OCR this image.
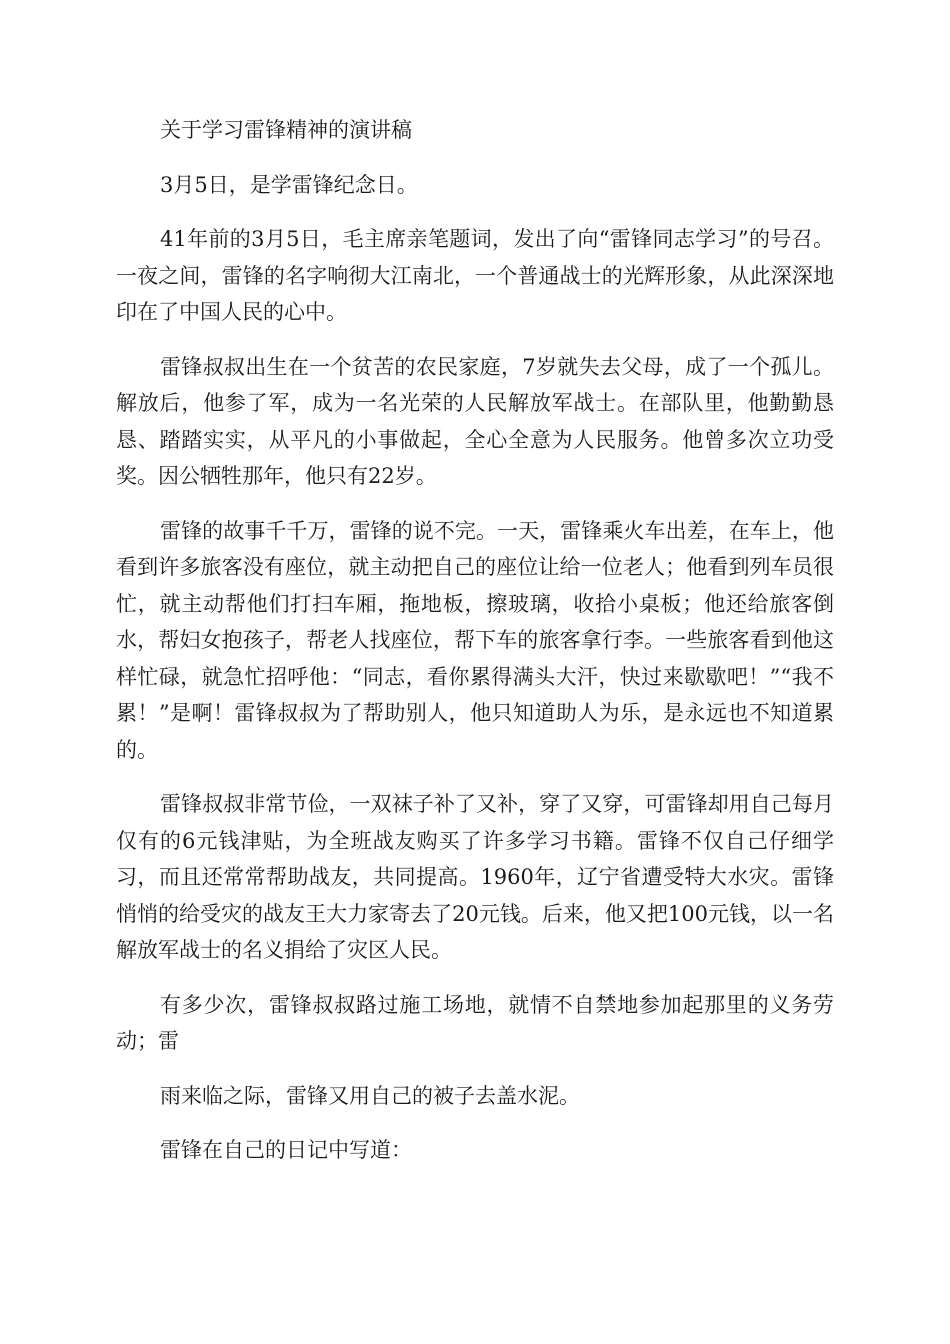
关于学习雷锋精神的演讲稿

3月5日，是学雷锋纪念日。

41年前的3月5日，毛主席亲笔题词，发出了向“雷锋同志学习”的号召。一夜之间，雷锋的名字响彻大江南北，一个普通战士的光辉形象，从此深深地印在了中国人民的心中。

雷锋叔叔出生在一个贫苦的农民家庭，7岁就失去父母，成了一个孤儿。解放后，他参了军，成为一名光荣的人民解放军战士。在部队里，他勤勤恳恳、踏踏实实，从平凡的小事做起，全心全意为人民服务。他曾多次立功受奖。因公牺牲那年，他只有22岁。

雷锋的故事千千万，雷锋的说不完。一天，雷锋乘火车出差，在车上，他看到许多旅客没有座位，就主动把自己的座位让给一位老人；他看到列车员很忙，就主动帮他们打扫车厢，拖地板，擦玻璃，收拾小桌板；他还给旅客倒水，帮妇女抱孩子，帮老人找座位，帮下车的旅客拿行李。一些旅客看到他这样忙碌，就急忙招呼他：“同志，看你累得满头大汗，快过来歇歇吧！”“我不累！”是啊！雷锋叔叔为了帮助别人，他只知道助人为乐，是永远也不知道累的。

雷锋叔叔非常节俭，一双袜子补了又补，穿了又穿，可雷锋却用自己每月仅有的6元钱津贴，为全班战友购买了许多学习书籍。雷锋不仅自己仔细学习，而且还常常帮助战友，共同提高。1960年，辽宁省遭受特大水灾。雷锋悄悄的给受灾的战友王大力家寄去了20元钱。后来，他又把100元钱，以一名解放军战士的名义捐给了灾区人民。

有多少次，雷锋叔叔路过施工场地，就情不自禁地参加起那里的义务劳动；雷

雨来临之际，雷锋又用自己的被子去盖水泥。

雷锋在自己的日记中写道：
